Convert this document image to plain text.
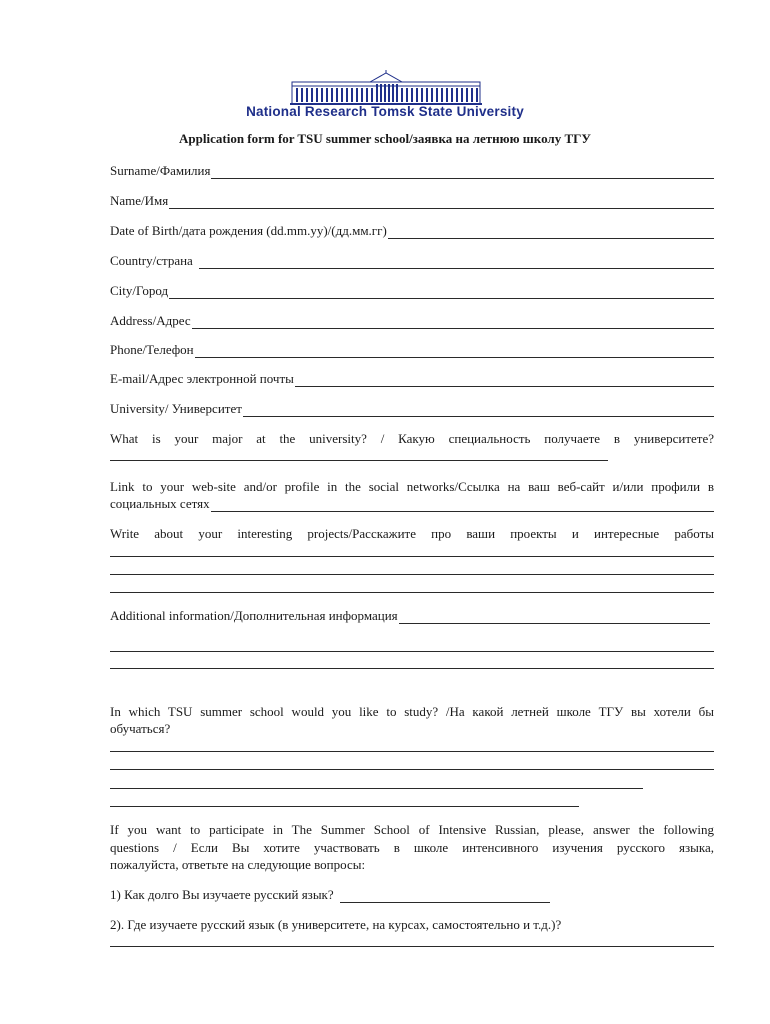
National Research Tomsk State University
Application form for TSU summer school/заявка на летнюю школу ТГУ
Surname/Фамилия
Name/Имя
Date of Birth/дата рождения (dd.mm.yy)/(дд.мм.гг)
Country/страна
City/Город
Address/Адрес
Phone/Телефон
E-mail/Адрес электронной почты
University/ Университет
What is your major at the university? / Какую специальность получаете в университете?
Link to your web-site and/or profile in the social networks/Ссылка на ваш веб-сайт и/или профили в
социальных сетях
Write about your interesting projects/Расскажите про ваши проекты и интересные работы
Additional information/Дополнительная информация
In which TSU summer school would you like to study? /На какой летней школе ТГУ вы хотели бы
обучаться?
If you want to participate in The Summer School of Intensive Russian, please, answer the following
questions / Если Вы хотите участвовать в школе интенсивного изучения русского языка,
пожалуйста, ответьте на следующие вопросы:
1) Как долго Вы изучаете русский язык?
2). Где изучаете русский язык (в университете, на курсах, самостоятельно и т.д.)?
